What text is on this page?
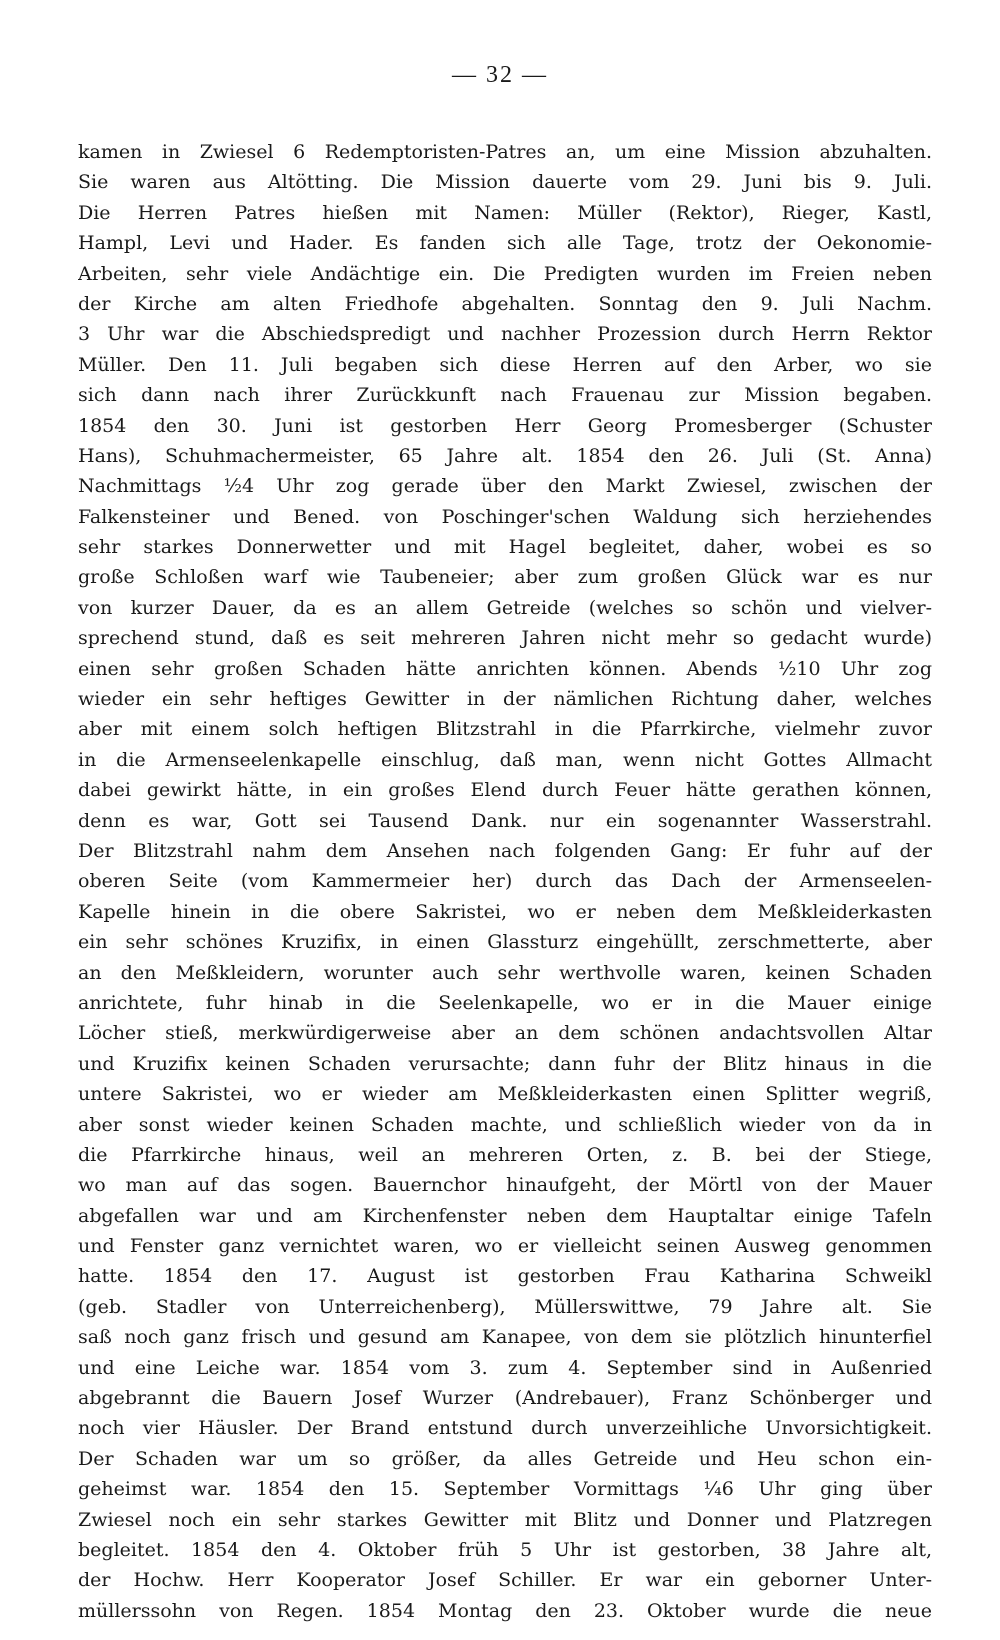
— 32 —
kamen in Zwiesel 6 Redemptoristen-Patres an, um eine Mission abzuhalten.
Sie waren aus Altötting. Die Mission dauerte vom 29. Juni bis 9. Juli.
Die Herren Patres hießen mit Namen: Müller (Rektor), Rieger, Kastl,
Hampl, Levi und Hader. Es fanden sich alle Tage, trotz der Oekonomie-
Arbeiten, sehr viele Andächtige ein. Die Predigten wurden im Freien neben
der Kirche am alten Friedhofe abgehalten. Sonntag den 9. Juli Nachm.
3 Uhr war die Abschiedspredigt und nachher Prozession durch Herrn Rektor
Müller. Den 11. Juli begaben sich diese Herren auf den Arber, wo sie
sich dann nach ihrer Zurückkunft nach Frauenau zur Mission begaben.
1854 den 30. Juni ist gestorben Herr Georg Promesberger (Schuster
Hans), Schuhmachermeister, 65 Jahre alt. 1854 den 26. Juli (St. Anna)
Nachmittags ½4 Uhr zog gerade über den Markt Zwiesel, zwischen der
Falkensteiner und Bened. von Poschinger'schen Waldung sich herziehendes
sehr starkes Donnerwetter und mit Hagel begleitet, daher, wobei es so
große Schloßen warf wie Taubeneier; aber zum großen Glück war es nur
von kurzer Dauer, da es an allem Getreide (welches so schön und vielver-
sprechend stund, daß es seit mehreren Jahren nicht mehr so gedacht wurde)
einen sehr großen Schaden hätte anrichten können. Abends ½10 Uhr zog
wieder ein sehr heftiges Gewitter in der nämlichen Richtung daher, welches
aber mit einem solch heftigen Blitzstrahl in die Pfarrkirche, vielmehr zuvor
in die Armenseelenkapelle einschlug, daß man, wenn nicht Gottes Allmacht
dabei gewirkt hätte, in ein großes Elend durch Feuer hätte gerathen können,
denn es war, Gott sei Tausend Dank. nur ein sogenannter Wasserstrahl.
Der Blitzstrahl nahm dem Ansehen nach folgenden Gang: Er fuhr auf der
oberen Seite (vom Kammermeier her) durch das Dach der Armenseelen-
Kapelle hinein in die obere Sakristei, wo er neben dem Meßkleiderkasten
ein sehr schönes Kruzifix, in einen Glassturz eingehüllt, zerschmetterte, aber
an den Meßkleidern, worunter auch sehr werthvolle waren, keinen Schaden
anrichtete, fuhr hinab in die Seelenkapelle, wo er in die Mauer einige
Löcher stieß, merkwürdigerweise aber an dem schönen andachtsvollen Altar
und Kruzifix keinen Schaden verursachte; dann fuhr der Blitz hinaus in die
untere Sakristei, wo er wieder am Meßkleiderkasten einen Splitter wegriß,
aber sonst wieder keinen Schaden machte, und schließlich wieder von da in
die Pfarrkirche hinaus, weil an mehreren Orten, z. B. bei der Stiege,
wo man auf das sogen. Bauernchor hinaufgeht, der Mörtl von der Mauer
abgefallen war und am Kirchenfenster neben dem Hauptaltar einige Tafeln
und Fenster ganz vernichtet waren, wo er vielleicht seinen Ausweg genommen
hatte. 1854 den 17. August ist gestorben Frau Katharina Schweikl
(geb. Stadler von Unterreichenberg), Müllerswittwe, 79 Jahre alt. Sie
saß noch ganz frisch und gesund am Kanapee, von dem sie plötzlich hinunterfiel
und eine Leiche war. 1854 vom 3. zum 4. September sind in Außenried
abgebrannt die Bauern Josef Wurzer (Andrebauer), Franz Schönberger und
noch vier Häusler. Der Brand entstund durch unverzeihliche Unvorsichtigkeit.
Der Schaden war um so größer, da alles Getreide und Heu schon ein-
geheimst war. 1854 den 15. September Vormittags ¼6 Uhr ging über
Zwiesel noch ein sehr starkes Gewitter mit Blitz und Donner und Platzregen
begleitet. 1854 den 4. Oktober früh 5 Uhr ist gestorben, 38 Jahre alt,
der Hochw. Herr Kooperator Josef Schiller. Er war ein geborner Unter-
müllerssohn von Regen. 1854 Montag den 23. Oktober wurde die neue
